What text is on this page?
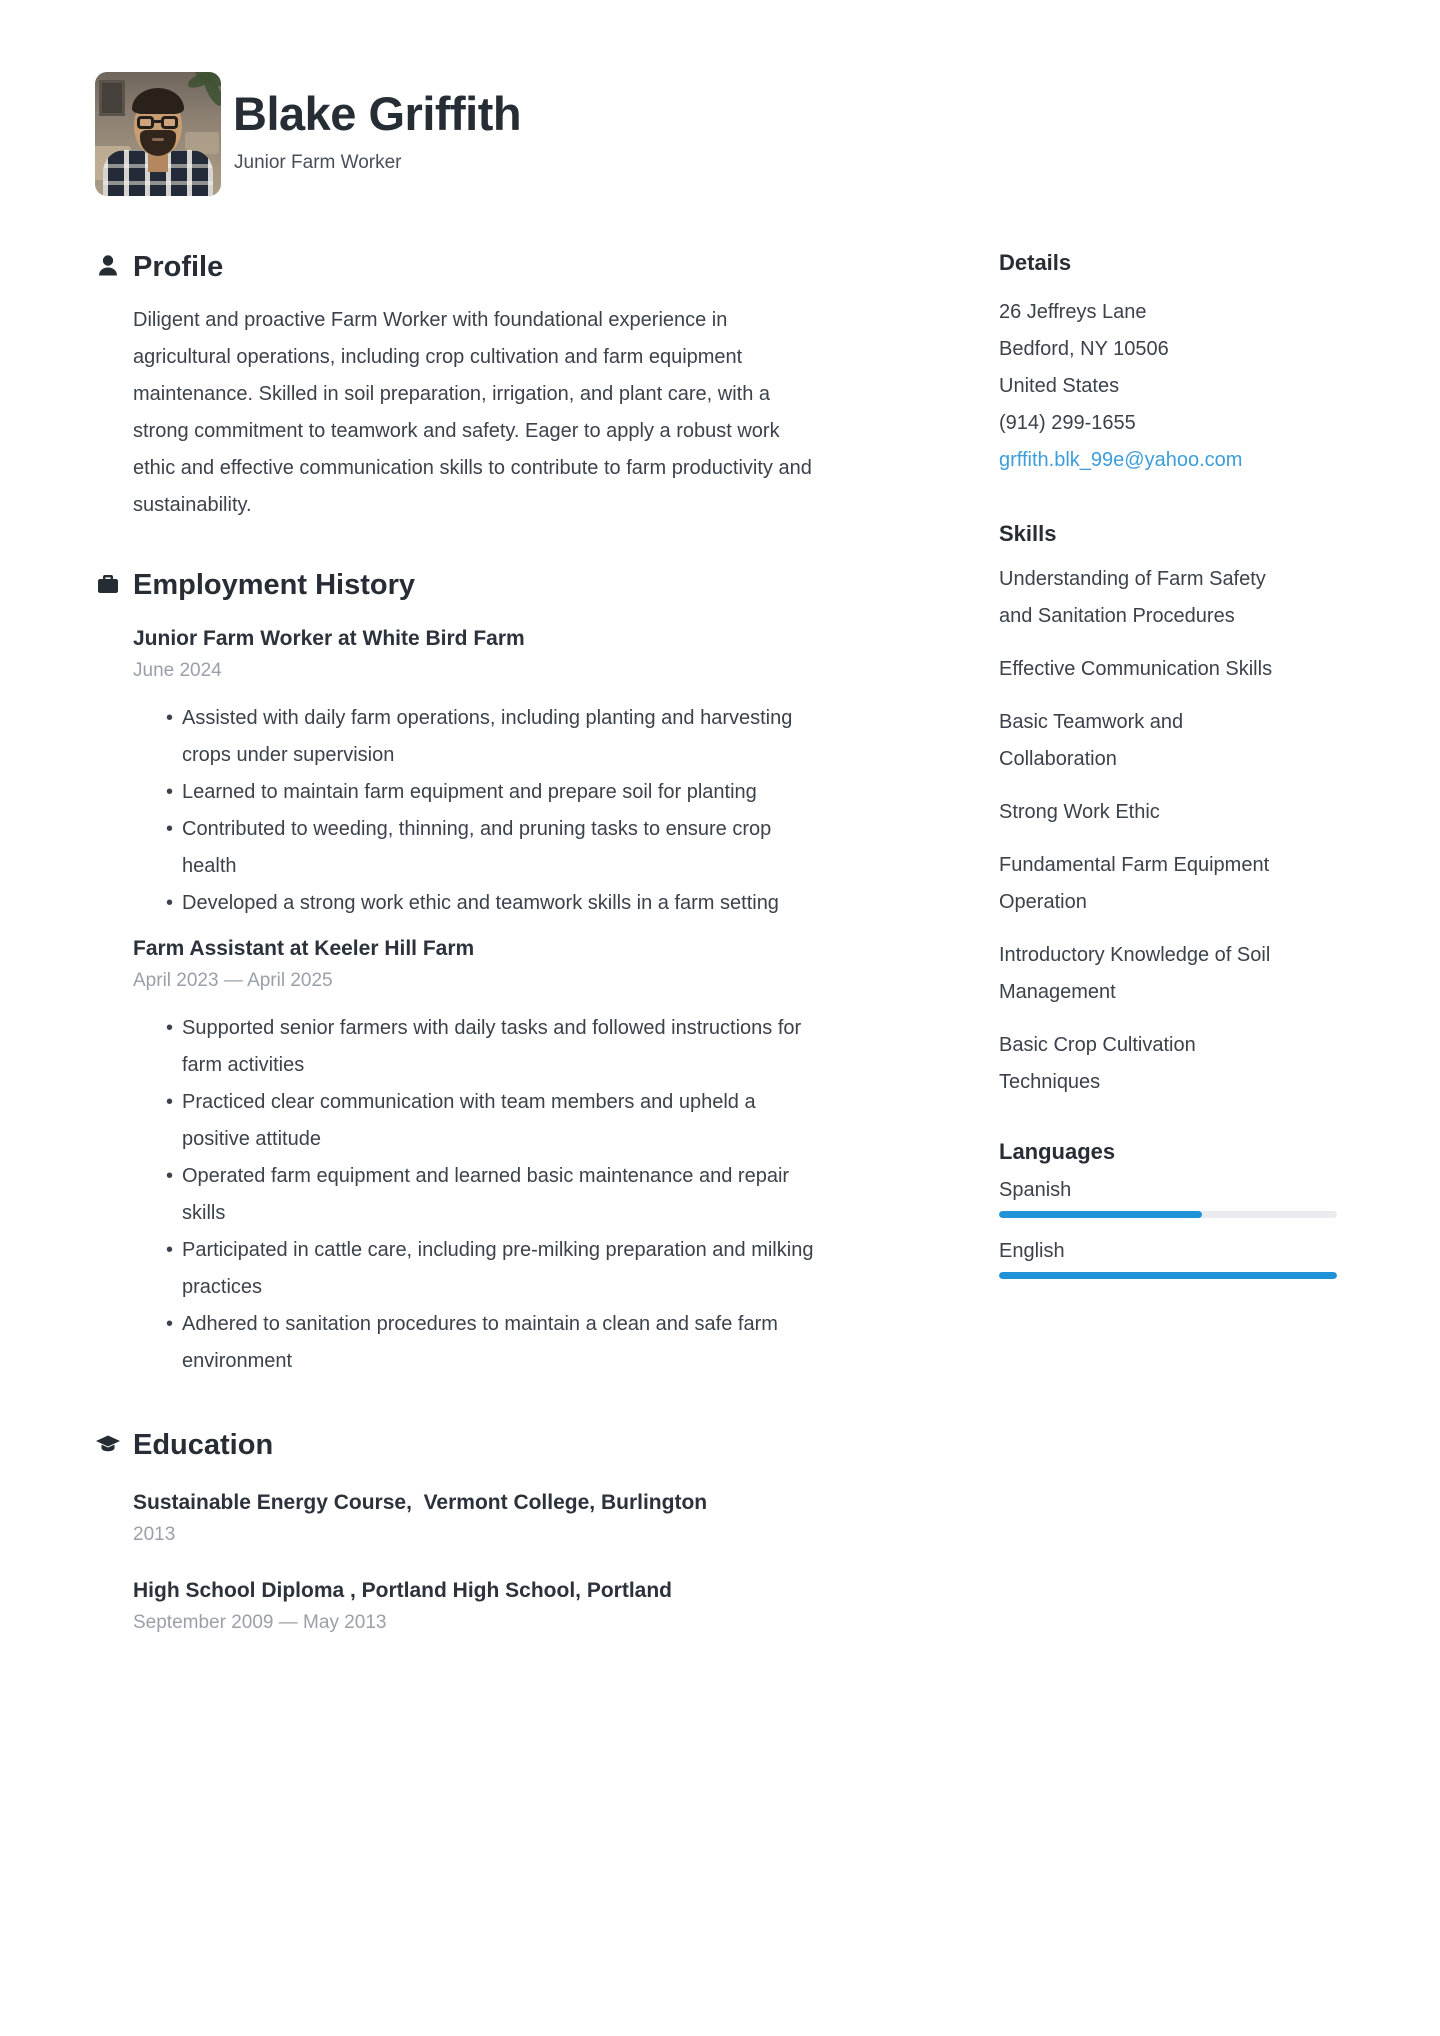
Blake Griffith
Junior Farm Worker
Profile
Diligent and proactive Farm Worker with foundational experience in agricultural operations, including crop cultivation and farm equipment maintenance. Skilled in soil preparation, irrigation, and plant care, with a strong commitment to teamwork and safety. Eager to apply a robust work ethic and effective communication skills to contribute to farm productivity and sustainability.
Employment History
Junior Farm Worker at White Bird Farm
June 2024
• Assisted with daily farm operations, including planting and harvesting crops under supervision
• Learned to maintain farm equipment and prepare soil for planting
• Contributed to weeding, thinning, and pruning tasks to ensure crop health
• Developed a strong work ethic and teamwork skills in a farm setting
Farm Assistant at Keeler Hill Farm
April 2023 — April 2025
• Supported senior farmers with daily tasks and followed instructions for farm activities
• Practiced clear communication with team members and upheld a positive attitude
• Operated farm equipment and learned basic maintenance and repair skills
• Participated in cattle care, including pre-milking preparation and milking practices
• Adhered to sanitation procedures to maintain a clean and safe farm environment
Education
Sustainable Energy Course,  Vermont College, Burlington
2013
High School Diploma , Portland High School, Portland
September 2009 — May 2013
Details
26 Jeffreys Lane
Bedford, NY 10506
United States
(914) 299-1655
grffith.blk_99e@yahoo.com
Skills
Understanding of Farm Safety and Sanitation Procedures
Effective Communication Skills
Basic Teamwork and Collaboration
Strong Work Ethic
Fundamental Farm Equipment Operation
Introductory Knowledge of Soil Management
Basic Crop Cultivation Techniques
Languages
Spanish
English
